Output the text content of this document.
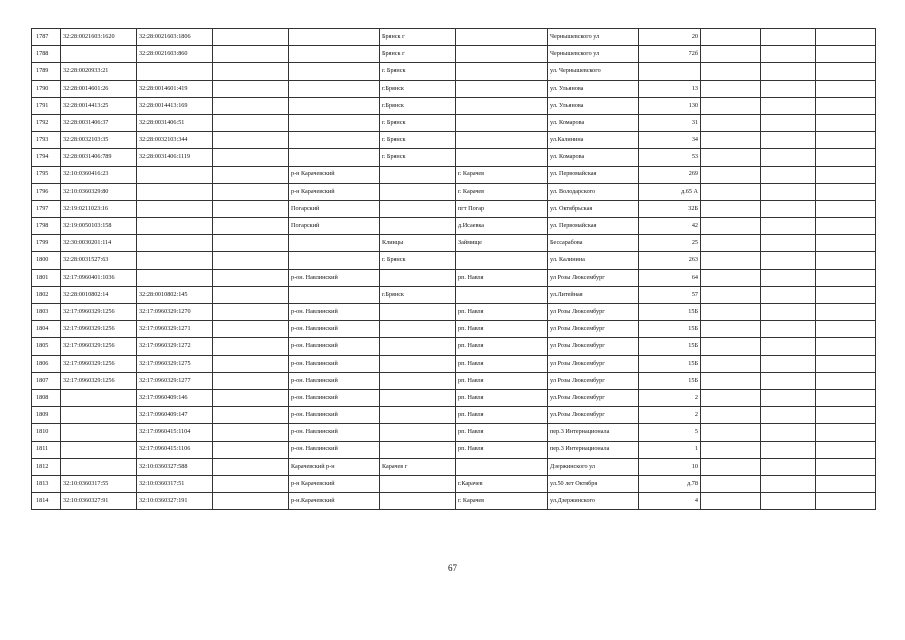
1787	32:28:0021603:1620	32:28:0021603:1806			Брянск г		Чернышевского ул	20			
1788		32:28:0021603:860			Брянск г		Чернышевского ул	72б			
1789	32:28:0020933:21				г. Брянск		ул. Чернышевского				
1790	32:28:0014601:26	32:28:0014601:419			г.Брянск		ул. Ульянова	13			
1791	32:28:0014413:25	32:28:0014413:169			г.Брянск		ул. Ульянова	130			
1792	32:28:0031406:37	32:28:0031406:51			г. Брянск		ул. Комарова	31			
1793	32:28:0032103:35	32:28:0032103:344			г. Брянск		ул.Калинина	34			
1794	32:28:0031406:789	32:28:0031406:1119			г. Брянск		ул. Комарова	53			
1795	32:10:0360416:23			р-н Карачевский		г. Карачев	ул. Первомайская	269			
1796	32:10:0360329:80			р-н Карачевский		г. Карачев	ул. Володарского	д.65 А			
1797	32:19:0211023:16			Погарский		пгт Погар	ул. Октябрьская	32Б			
1798	32:19:0050103:158			Погарский		д.Исаевка	ул. Первомайская	42			
1799	32:30:0030201:114				Клинцы	Займище	Бессарабова	25			
1800	32:28:0031527:63				г. Брянск		ул. Калинина	263			
1801	32:17:0960401:1036			р-он. Навлинский		рп. Навля	ул Розы Люксембург	64			
1802	32:28:0010802:14	32:28:0010802:145			г.Брянск		ул.Литейная	57			
1803	32:17:0960329:1256	32:17:0960329:1270		р-он. Навлинский		рп. Навля	ул Розы Люксембург	15Б			
1804	32:17:0960329:1256	32:17:0960329:1271		р-он. Навлинский		рп. Навля	ул Розы Люксембург	15Б			
1805	32:17:0960329:1256	32:17:0960329:1272		р-он. Навлинский		рп. Навля	ул Розы Люксембург	15Б			
1806	32:17:0960329:1256	32:17:0960329:1275		р-он. Навлинский		рп. Навля	ул Розы Люксембург	15Б			
1807	32:17:0960329:1256	32:17:0960329:1277		р-он. Навлинский		рп. Навля	ул Розы Люксембург	15Б			
1808		32:17:0960409:146		р-он. Навлинский		рп. Навля	ул.Розы Люксембург	2			
1809		32:17:0960409:147		р-он. Навлинский		рп. Навля	ул.Розы Люксембург	2			
1810		32:17:0960415:1104		р-он. Навлинский		рп. Навля	пер.3 Интернационала	5			
1811		32:17:0960415:1106		р-он. Навлинский		рп. Навля	пер.3 Интернационала	1			
1812		32:10:0360327:588		Карачевский р-н	Карачев г		Дзержинского ул	10			
1813	32:10:0360317:55	32:10:0360317:51		р-н Карачевский		г.Карачев	ул.50 лет Октября	д.78			
1814	32:10:0360327:91	32:10:0360327:191		р-н.Карачевский		г. Карачев	ул.Дзержинского	4			
67
